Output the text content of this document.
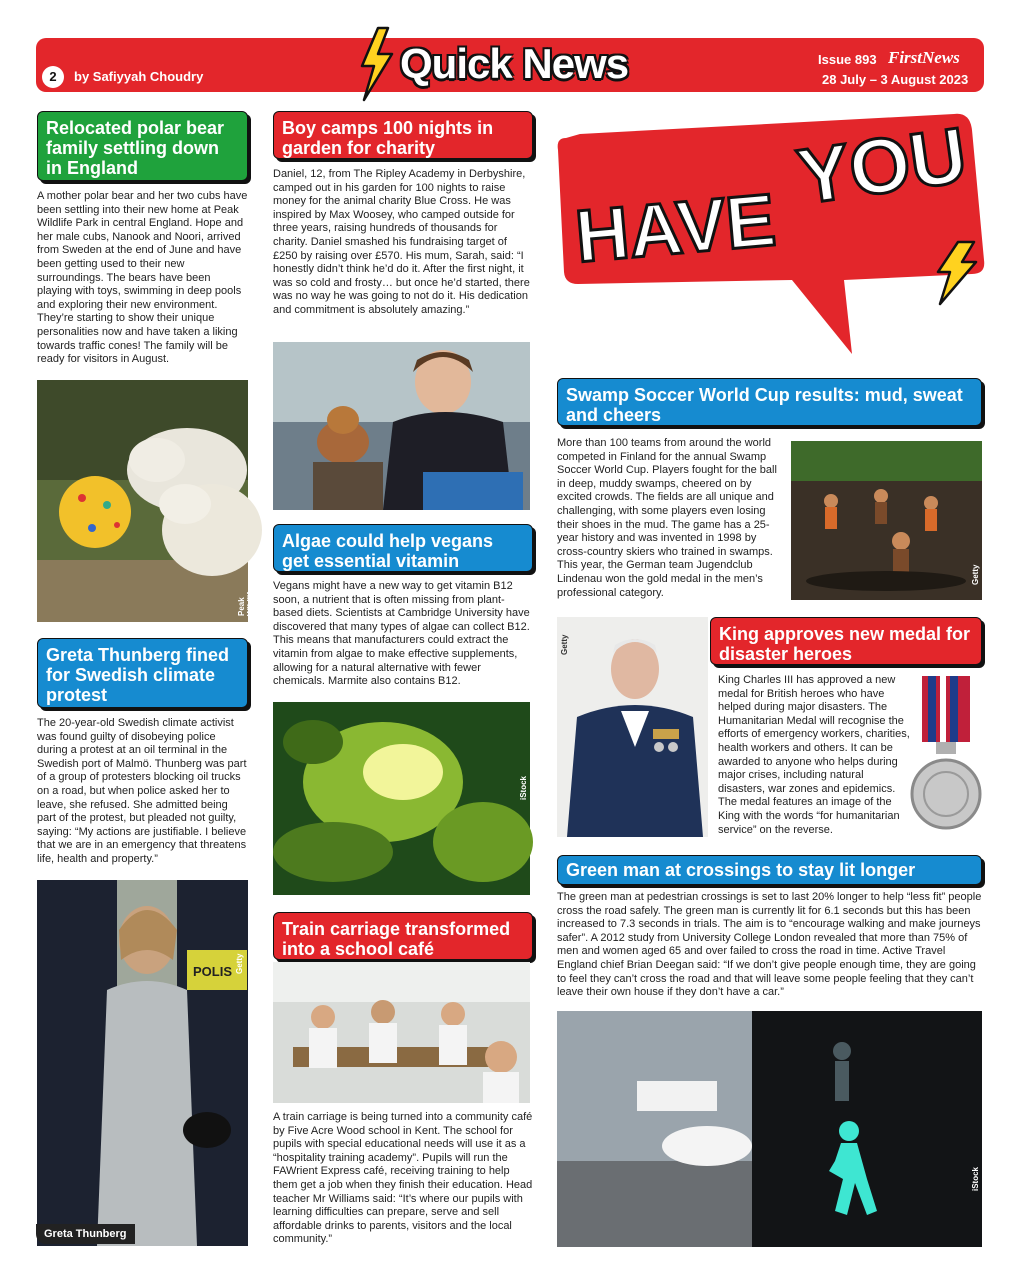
2	by Safiyyah Choudry	Quick News	Issue 893 FirstNews
28 July – 3 August 2023
HAVE
YOU
Relocated polar bear family settling down in England
A mother polar bear and her two cubs have been settling into their new home at Peak Wildlife Park in central England. Hope and her male cubs, Nanook and Noori, arrived from Sweden at the end of June and have been getting used to their new surroundings. The bears have been playing with toys, swimming in deep pools and exploring their new environment. They’re starting to show their unique personalities now and have taken a liking towards traffic cones! The family will be ready for visitors in August.
Peak Wildlife Park
Greta Thunberg fined for Swedish climate protest
The 20-year-old Swedish climate activist was found guilty of disobeying police during a protest at an oil terminal in the Swedish port of Malmö. Thunberg was part of a group of protesters blocking oil trucks on a road, but when police asked her to leave, she refused. She admitted being part of the protest, but pleaded not guilty, saying: “My actions are justifiable. I believe that we are in an emergency that threatens life, health and property.”
POLIS Getty
Greta Thunberg
Boy camps 100 nights in garden for charity
Daniel, 12, from The Ripley Academy in Derbyshire, camped out in his garden for 100 nights to raise money for the animal charity Blue Cross. He was inspired by Max Woosey, who camped outside for three years, raising hundreds of thousands for charity. Daniel smashed his fundraising target of £250 by raising over £570. His mum, Sarah, said: “I honestly didn’t think he’d do it. After the first night, it was so cold and frosty… but once he’d started, there was no way he was going to not do it. His dedication and commitment is absolutely amazing.”
Algae could help vegans get essential vitamin
Vegans might have a new way to get vitamin B12 soon, a nutrient that is often missing from plant-based diets. Scientists at Cambridge University have discovered that many types of algae can collect B12. This means that manufacturers could extract the vitamin from algae to make effective supplements, allowing for a natural alternative with fewer chemicals. Marmite also contains B12.
iStock
Train carriage transformed into a school café
A train carriage is being turned into a community café by Five Acre Wood school in Kent. The school for pupils with special educational needs will use it as a “hospitality training academy”. Pupils will run the FAWrient Express café, receiving training to help them get a job when they finish their education. Head teacher Mr Williams said: “It’s where our pupils with learning difficulties can prepare, serve and sell affordable drinks to parents, visitors and the local community.”
Swamp Soccer World Cup results: mud, sweat and cheers
More than 100 teams from around the world competed in Finland for the annual Swamp Soccer World Cup. Players fought for the ball in deep, muddy swamps, cheered on by excited crowds. The fields are all unique and challenging, with some players even losing their shoes in the mud. The game has a 25-year history and was invented in 1998 by cross-country skiers who trained in swamps. This year, the German team Jugendclub Lindenau won the gold medal in the men’s professional category.
Getty
Getty
King approves new medal for disaster heroes
King Charles III has approved a new medal for British heroes who have helped during major disasters. The Humanitarian Medal will recognise the efforts of emergency workers, charities, health workers and others. It can be awarded to anyone who helps during major crises, including natural disasters, war zones and epidemics. The medal features an image of the King with the words “for humanitarian service” on the reverse.
Green man at crossings to stay lit longer
The green man at pedestrian crossings is set to last 20% longer to help “less fit” people cross the road safely. The green man is currently lit for 6.1 seconds but this has been increased to 7.3 seconds in trials. The aim is to “encourage walking and make journeys safer”. A 2012 study from University College London revealed that more than 75% of men and women aged 65 and over failed to cross the road in time. Active Travel England chief Brian Deegan said: “If we don’t give people enough time, they are going to feel they can’t cross the road and that will leave some people feeling that they can’t leave their own house if they don’t have a car.”
iStock
